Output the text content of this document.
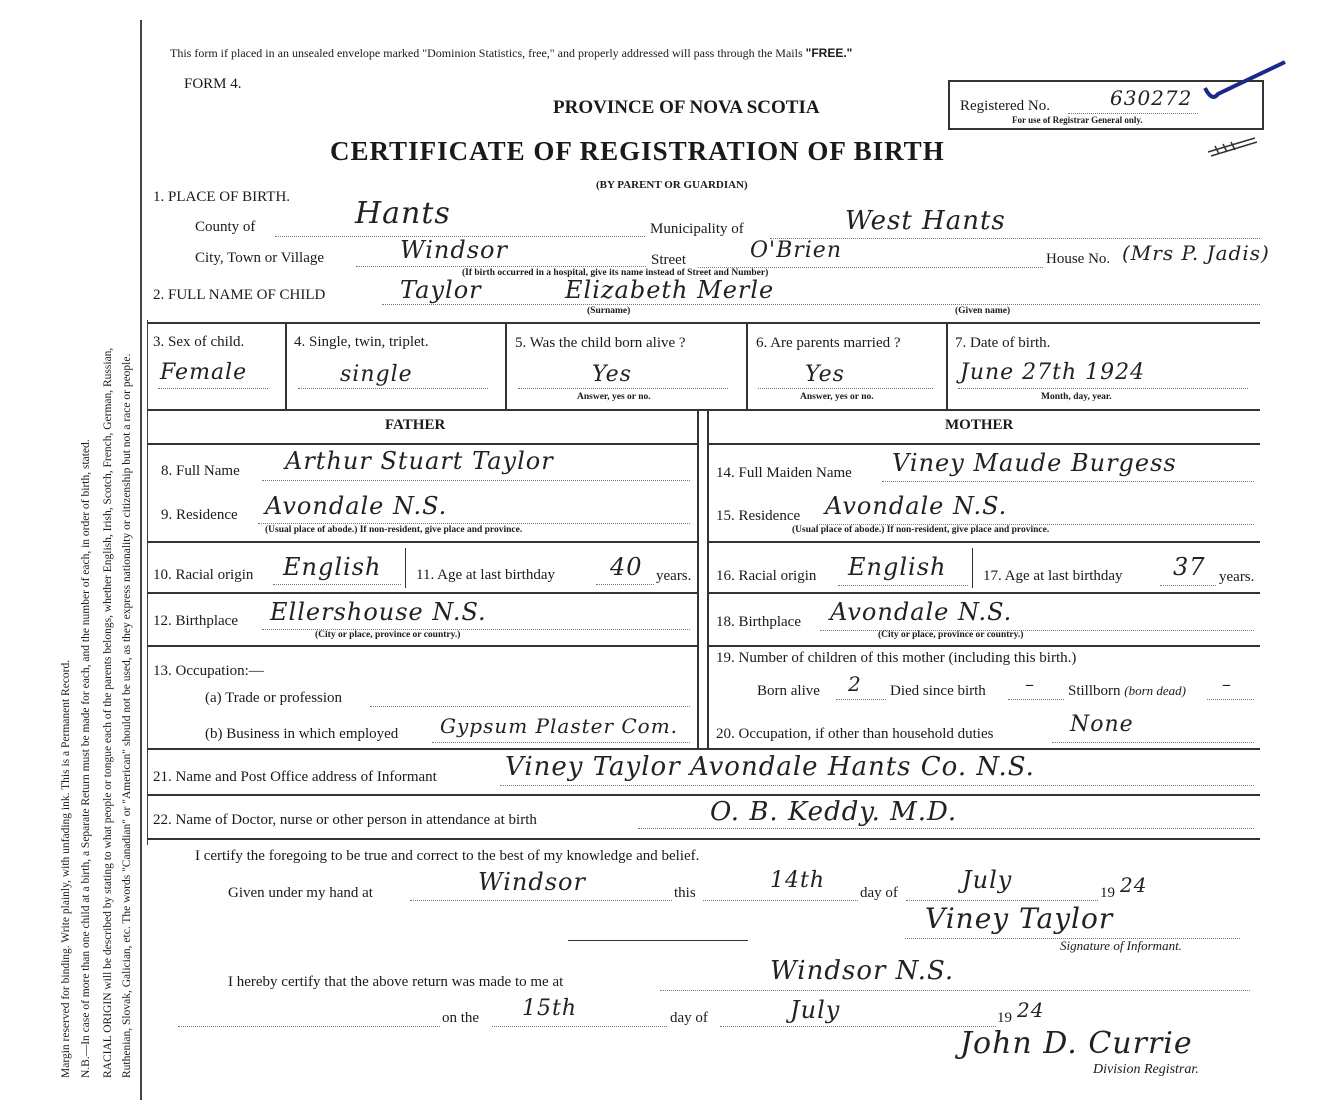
Margin reserved for binding. Write plainly, with unfading ink. This is a Permanent Record. N.B.—In case of more than one child at a birth, a Separate Return must be made for each, and the number of each, in order of birth, stated. RACIAL ORIGIN will be described by stating to what people or tongue each of the parents belongs, whether English, Irish, Scotch, French, German, Russian, Ruthenian, Slovak, Galician, etc. The words "Canadian" or "American" should not be used, as they express nationality or citizenship but not a race or people.
This form if placed in an unsealed envelope marked "Dominion Statistics, free," and properly addressed will pass through the Mails "FREE."
FORM 4.
PROVINCE OF NOVA SCOTIA
CERTIFICATE OF REGISTRATION OF BIRTH
(BY PARENT OR GUARDIAN)
Registered No.	630272
For use of Registrar General only.
1. PLACE OF BIRTH.
County of	Hants	Municipality of	West Hants
City, Town or Village	Windsor	Street	O'Brien	House No. (Mrs P. Jadis)
(If birth occurred in a hospital, give its name instead of Street and Number)
2. FULL NAME OF CHILD	Taylor	Elizabeth Merle
(Surname)	(Given name)
3. Sex of child.
Female
4. Single, twin, triplet.
single
5. Was the child born alive ?
Yes
Answer, yes or no.
6. Are parents married ?
Yes
Answer, yes or no.
7. Date of birth.
June 27th 1924
Month, day, year.
FATHER	MOTHER
8. Full Name Arthur Stuart Taylor
9. Residence Avondale N.S.
(Usual place of abode.) If non-resident, give place and province.
10. Racial origin English 11. Age at last birthday 40 years.
12. Birthplace Ellershouse N.S.
(City or place, province or country.)
13. Occupation:—
(a) Trade or profession
(b) Business in which employed Gypsum Plaster Com.
14. Full Maiden Name Viney Maude Burgess
15. Residence Avondale N.S.
(Usual place of abode.) If non-resident, give place and province.
16. Racial origin English 17. Age at last birthday 37 years.
18. Birthplace Avondale N.S.
(City or place, province or country.)
19. Number of children of this mother (including this birth.)
Born alive 2 Died since birth – Stillborn (born dead) –
20. Occupation, if other than household duties	None
21. Name and Post Office address of Informant	Viney Taylor Avondale Hants Co. N.S.
22. Name of Doctor, nurse or other person in attendance at birth	O. B. Keddy. M.D.
I certify the foregoing to be true and correct to the best of my knowledge and belief.
Given under my hand at	Windsor	this	14th day of	July	19 24
Viney Taylor
Signature of Informant.
I hereby certify that the above return was made to me at	Windsor N.S.
on the 15th	day of	July	19 24
John D. Currie
Division Registrar.
